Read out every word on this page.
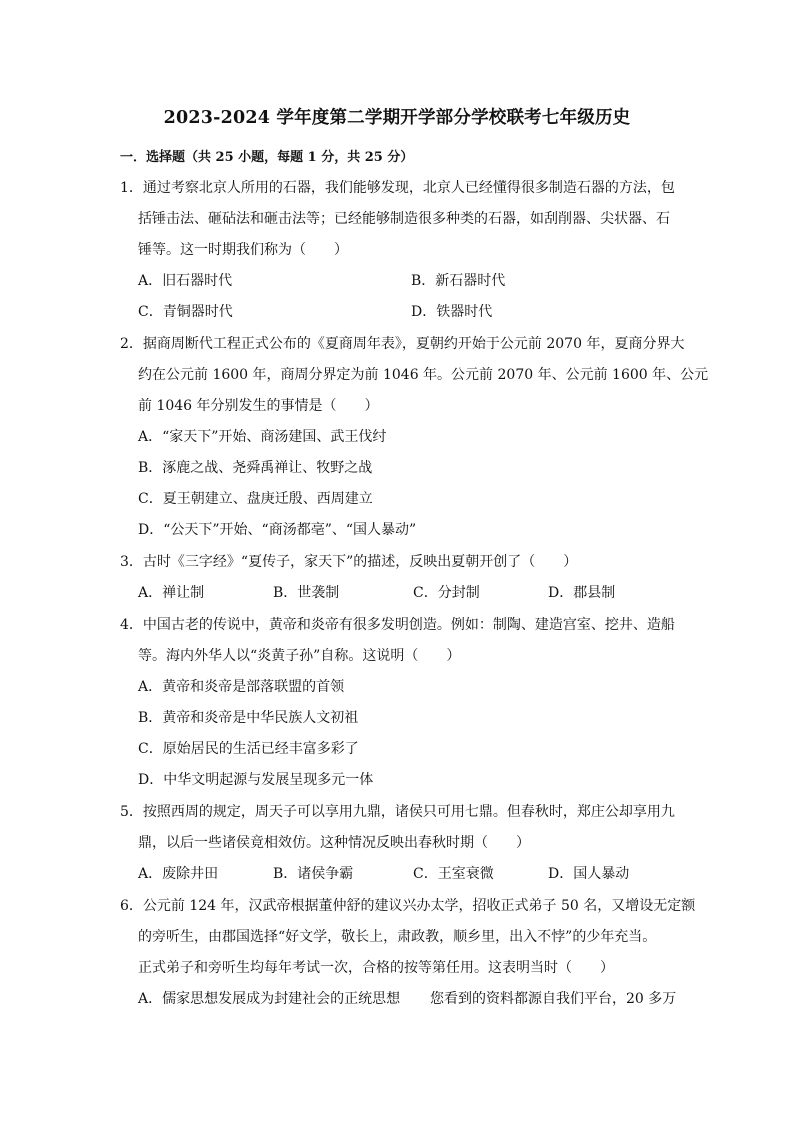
2023-2024 学年度第二学期开学部分学校联考七年级历史
一．选择题（共 25 小题，每题 1 分，共 25 分）
1．通过考察北京人所用的石器，我们能够发现，北京人已经懂得很多制造石器的方法，包
括锤击法、砸砧法和砸击法等；已经能够制造很多种类的石器，如刮削器、尖状器、石
锤等。这一时期我们称为（　　）
A．旧石器时代	B．新石器时代
C．青铜器时代	D．铁器时代
2．据商周断代工程正式公布的《夏商周年表》，夏朝约开始于公元前 2070 年，夏商分界大
约在公元前 1600 年，商周分界定为前 1046 年。公元前 2070 年、公元前 1600 年、公元
前 1046 年分别发生的事情是（　　）
A．“家天下”开始、商汤建国、武王伐纣
B．涿鹿之战、尧舜禹禅让、牧野之战
C．夏王朝建立、盘庚迁殷、西周建立
D．“公天下”开始、“商汤都亳”、“国人暴动”
3．古时《三字经》“夏传子，家天下”的描述，反映出夏朝开创了（　　）
A．禅让制	B．世袭制	C．分封制	D．郡县制
4．中国古老的传说中，黄帝和炎帝有很多发明创造。例如：制陶、建造宫室、挖井、造船
等。海内外华人以“炎黄子孙”自称。这说明（　　）
A．黄帝和炎帝是部落联盟的首领
B．黄帝和炎帝是中华民族人文初祖
C．原始居民的生活已经丰富多彩了
D．中华文明起源与发展呈现多元一体
5．按照西周的规定，周天子可以享用九鼎，诸侯只可用七鼎。但春秋时，郑庄公却享用九
鼎，以后一些诸侯竟相效仿。这种情况反映出春秋时期（　　）
A．废除井田	B．诸侯争霸	C．王室衰微	D．国人暴动
6．公元前 124 年，汉武帝根据董仲舒的建议兴办太学，招收正式弟子 50 名，又增设无定额
的旁听生，由郡国选择“好文学，敬长上，肃政教，顺乡里，出入不悖”的少年充当。
正式弟子和旁听生均每年考试一次，合格的按等第任用。这表明当时（　　）
A．儒家思想发展成为封建社会的正统思想 您看到的资料都源自我们平台，20 多万
